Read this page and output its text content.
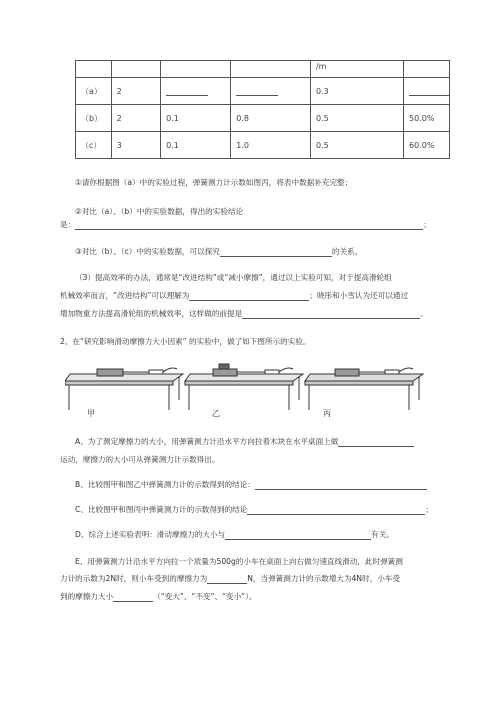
				/m	
（a）	2			0.3	
（b）	2	0.1	0.8	0.5	50.0%
（c）	3	0.1	1.0	0.5	60.0%
①请你根据图（a）中的实验过程，弹簧测力计示数如图丙，将表中数据补充完整；
②对比（a）、（b）中的实验数据，得出的实验结论
是：	；
③对比（b）、（c）中的实验数据，可以探究	的关系。
（3）提高效率的办法，通常是“改进结构”或“减小摩擦”，通过以上实验可知，对于提高滑轮组
机械效率而言，“改进结构”可以理解为	；晓彤和小雪认为还可以通过
增加物重方法提高滑轮组的机械效率，这样做的前提是	。
2、在“研究影响滑动摩擦力大小因素” 的实验中，做了如下图所示的实验。
甲	乙	丙
A、为了测定摩擦力的大小，用弹簧测力计沿水平方向拉着木块在水平桌面上做
运动，摩擦力的大小可从弹簧测力计示数得出。
B、比较图甲和图乙中弹簧测力计的示数得到的结论：
C、比较图甲和图丙中弹簧测力计的示数得到的结论	；
D、综合上述实验表明：滑动摩擦力的大小与	有关。
E、用弹簧测力计沿水平方向拉一个质量为500g的小车在桌面上向右做匀速直线滑动，此时弹簧测
力计的示数为2N时，则小车受到的摩擦力为	N，当弹簧测力计的示数增大为4N时，小车受
到的摩擦力大小	（“变大”、“不变”、“变小”）。
